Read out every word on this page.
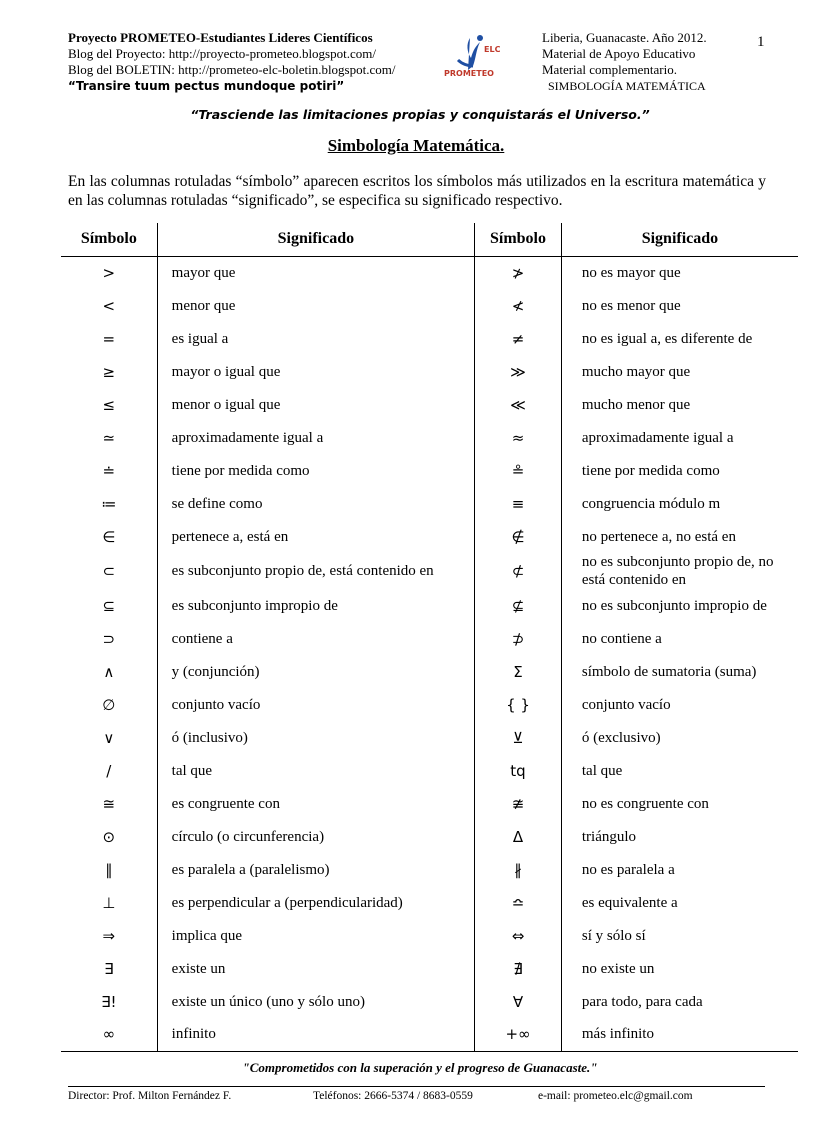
Proyecto PROMETEO-Estudiantes Lideres Científicos
Blog del Proyecto: http://proyecto-prometeo.blogspot.com/
Blog del BOLETIN: http://prometeo-elc-boletin.blogspot.com/
“Transire tuum pectus mundoque potiri”
ELC
PROMETEO
Liberia, Guanacaste. Año 2012.
Material de Apoyo Educativo
Material complementario.
SIMBOLOGÍA MATEMÁTICA
1
“Trasciende las limitaciones propias y conquistarás el Universo.”
Simbología Matemática.
En las columnas rotuladas “símbolo” aparecen escritos los símbolos más utilizados en la escritura matemática y en las columnas rotuladas “significado”, se especifica su significado respectivo.
Símbolo	Significado	Símbolo	Significado
>	mayor que	≯	no es mayor que
<	menor que	≮	no es menor que
=	es igual a	≠	no es igual a, es diferente de
≥	mayor o igual que	≫	mucho mayor que
≤	menor o igual que	≪	mucho menor que
≃	aproximadamente igual a	≈	aproximadamente igual a
≐	tiene por medida como	≗	tiene por medida como
≔	se define como	≡	congruencia módulo m
∈	pertenece a, está en	∉	no pertenece a, no está en
⊂	es subconjunto propio de, está contenido en	⊄	no es subconjunto propio de, no está contenido en
⊆	es subconjunto impropio de	⊈	no es subconjunto impropio de
⊃	contiene a	⊅	no contiene a
∧	y (conjunción)	Σ	símbolo de sumatoria (suma)
∅	conjunto vacío	{ }	conjunto vacío
∨	ó (inclusivo)	⊻	ó (exclusivo)
/	tal que	tq	tal que
≅	es congruente con	≇	no es congruente con
⊙	círculo (o circunferencia)	Δ	triángulo
∥	es paralela a (paralelismo)	∦	no es paralela a
⊥	es perpendicular a (perpendicularidad)	≏	es equivalente a
⇒	implica que	⇔	sí y sólo sí
∃	existe un	∄	no existe un
∃!	existe un único (uno y sólo uno)	∀	para todo, para cada
∞	infinito	+∞	más infinito
"Comprometidos con la superación y el progreso de Guanacaste."
Director: Prof. Milton Fernández F.	Teléfonos: 2666-5374 / 8683-0559	e-mail: prometeo.elc@gmail.com
